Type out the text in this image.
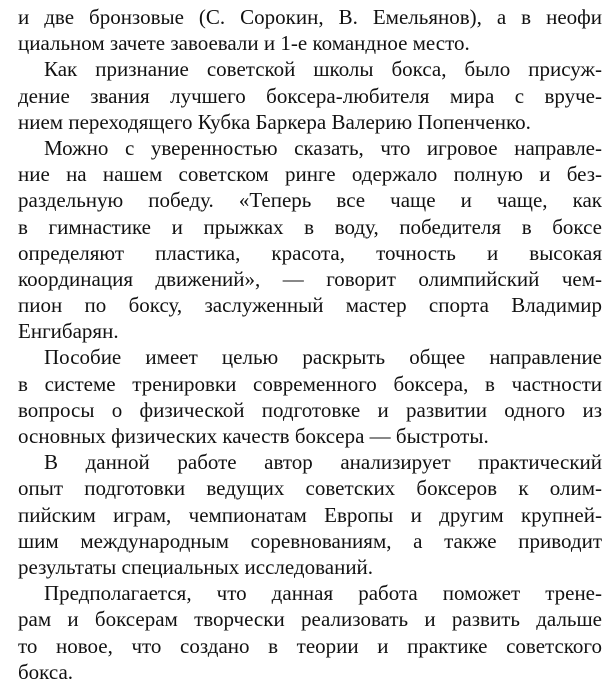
и две бронзовые (С. Сорокин, В. Емельянов), а в неофи
циальном зачете завоевали и 1-е командное место.
Как признание советской школы бокса, было присуж-
дение звания лучшего боксера-любителя мира с вруче-
нием переходящего Кубка Баркера Валерию Попенченко.
Можно с уверенностью сказать, что игровое направле-
ние на нашем советском ринге одержало полную и без-
раздельную победу. «Теперь все чаще и чаще, как
в гимнастике и прыжках в воду, победителя в боксе
определяют пластика, красота, точность и высокая
координация движений», — говорит олимпийский чем-
пион по боксу, заслуженный мастер спорта Владимир
Енгибарян.
Пособие имеет целью раскрыть общее направление
в системе тренировки современного боксера, в частности
вопросы о физической подготовке и развитии одного из
основных физических качеств боксера — быстроты.
В данной работе автор анализирует практический
опыт подготовки ведущих советских боксеров к олим-
пийским играм, чемпионатам Европы и другим крупней-
шим международным соревнованиям, а также приводит
результаты специальных исследований.
Предполагается, что данная работа поможет трене-
рам и боксерам творчески реализовать и развить дальше
то новое, что создано в теории и практике советского
бокса.
